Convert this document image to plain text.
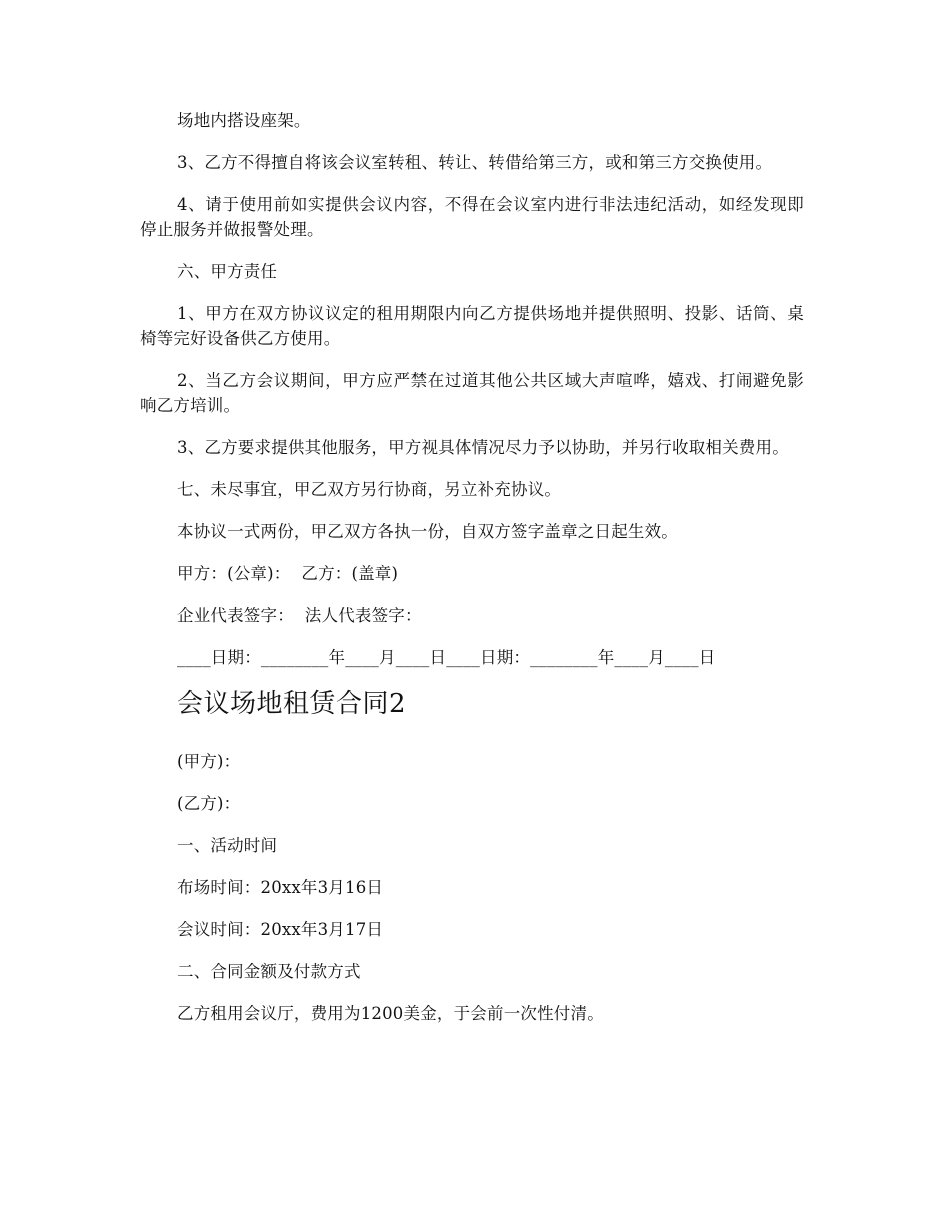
场地内搭设座架。

3、乙方不得擅自将该会议室转租、转让、转借给第三方，或和第三方交换使用。

4、请于使用前如实提供会议内容，不得在会议室内进行非法违纪活动，如经发现即停止服务并做报警处理。

六、甲方责任

1、甲方在双方协议议定的租用期限内向乙方提供场地并提供照明、投影、话筒、桌椅等完好设备供乙方使用。

2、当乙方会议期间，甲方应严禁在过道其他公共区域大声喧哗，嬉戏、打闹避免影响乙方培训。

3、乙方要求提供其他服务，甲方视具体情况尽力予以协助，并另行收取相关费用。

七、未尽事宜，甲乙双方另行协商，另立补充协议。

本协议一式两份，甲乙双方各执一份，自双方签字盖章之日起生效。

甲方：(公章)：  乙方：(盖章)
企业代表签字：  法人代表签字：
____日期：________年____月____日____日期：________年____月____日
会议场地租赁合同2
(甲方)：
(乙方)：
一、活动时间
布场时间：20xx年3月16日
会议时间：20xx年3月17日
二、合同金额及付款方式
乙方租用会议厅，费用为1200美金，于会前一次性付清。
